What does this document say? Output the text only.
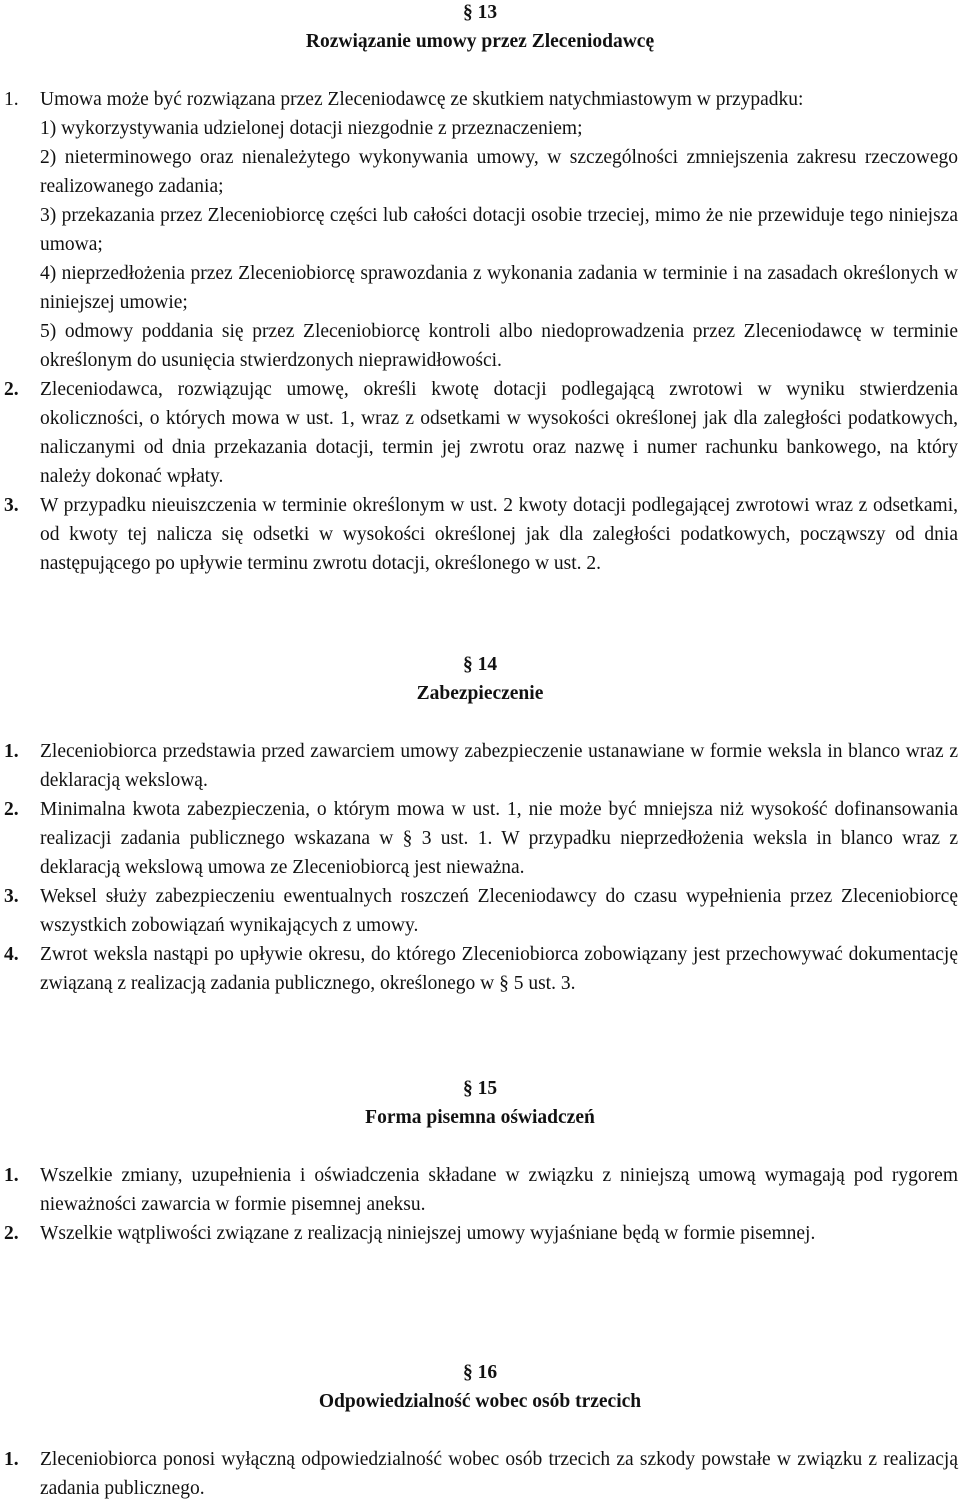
§ 13

Rozwiązanie umowy przez Zleceniodawcę

1. Umowa może być rozwiązana przez Zleceniodawcę ze skutkiem natychmiastowym w przypadku:

1) wykorzystywania udzielonej dotacji niezgodnie z przeznaczeniem;

2) nieterminowego oraz nienależytego wykonywania umowy, w szczególności zmniejszenia zakresu rzeczowego realizowanego zadania;

3) przekazania przez Zleceniobiorcę części lub całości dotacji osobie trzeciej, mimo że nie przewiduje tego niniejsza umowa;

4) nieprzedłożenia przez Zleceniobiorcę sprawozdania z wykonania zadania w terminie i na zasadach określonych w niniejszej umowie;

5) odmowy poddania się przez Zleceniobiorcę kontroli albo niedoprowadzenia przez Zleceniodawcę w terminie określonym do usunięcia stwierdzonych nieprawidłowości.

2. Zleceniodawca, rozwiązując umowę, określi kwotę dotacji podlegającą zwrotowi w wyniku stwierdzenia okoliczności, o których mowa w ust. 1, wraz z odsetkami w wysokości określonej jak dla zaległości podatkowych, naliczanymi od dnia przekazania dotacji, termin jej zwrotu oraz nazwę i numer rachunku bankowego, na który należy dokonać wpłaty.
3. W przypadku nieuiszczenia w terminie określonym w ust. 2 kwoty dotacji podlegającej zwrotowi wraz z odsetkami, od kwoty tej nalicza się odsetki w wysokości określonej jak dla zaległości podatkowych, począwszy od dnia następującego po upływie terminu zwrotu dotacji, określonego w ust. 2.

§ 14

Zabezpieczenie

1. Zleceniobiorca przedstawia przed zawarciem umowy zabezpieczenie ustanawiane w formie weksla in blanco wraz z deklaracją wekslową.
2. Minimalna kwota zabezpieczenia, o którym mowa w ust. 1, nie może być mniejsza niż wysokość dofinansowania realizacji zadania publicznego wskazana w § 3 ust. 1. W przypadku nieprzedłożenia weksla in blanco wraz z deklaracją wekslową umowa ze Zleceniobiorcą jest nieważna.
3. Weksel służy zabezpieczeniu ewentualnych roszczeń Zleceniodawcy do czasu wypełnienia przez Zleceniobiorcę wszystkich zobowiązań wynikających z umowy.
4. Zwrot weksla nastąpi po upływie okresu, do którego Zleceniobiorca zobowiązany jest przechowywać dokumentację związaną z realizacją zadania publicznego, określonego w § 5 ust. 3.

§ 15

Forma pisemna oświadczeń

1. Wszelkie zmiany, uzupełnienia i oświadczenia składane w związku z niniejszą umową wymagają pod rygorem nieważności zawarcia w formie pisemnej aneksu.
2. Wszelkie wątpliwości związane z realizacją niniejszej umowy wyjaśniane będą w formie pisemnej.

§ 16

Odpowiedzialność wobec osób trzecich

1. Zleceniobiorca ponosi wyłączną odpowiedzialność wobec osób trzecich za szkody powstałe w związku z realizacją zadania publicznego.
